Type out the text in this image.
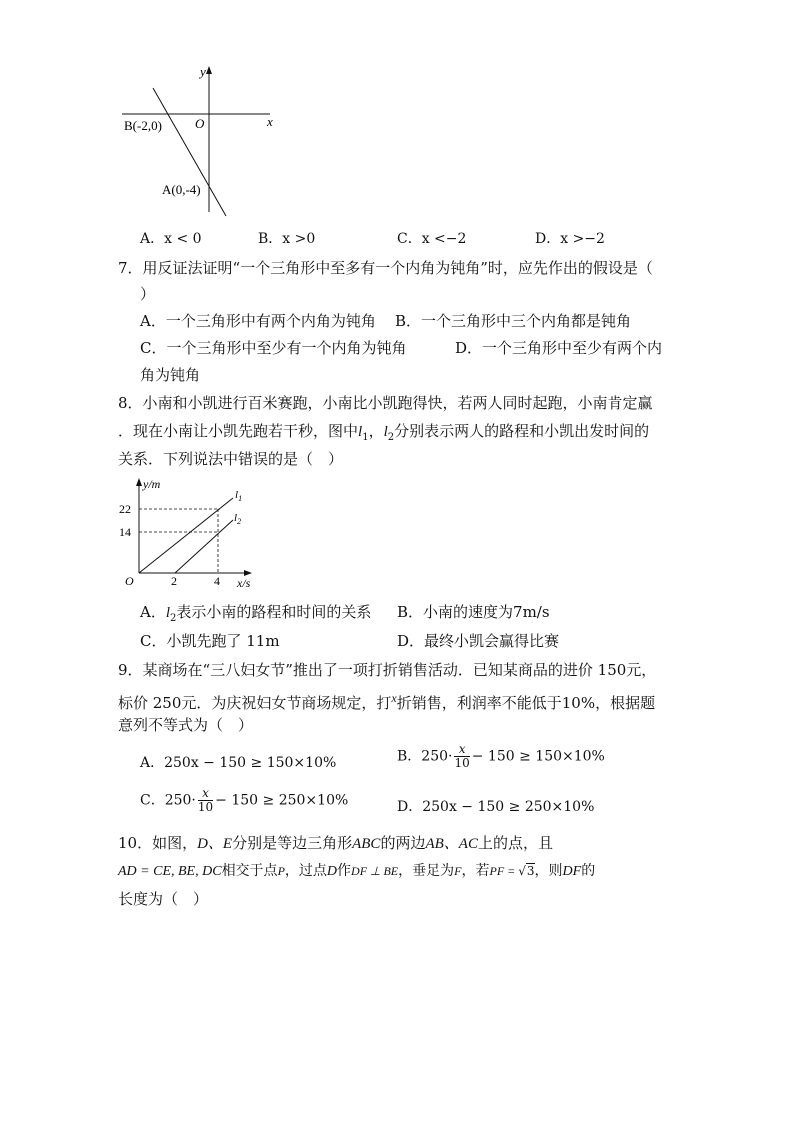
y
x
O
B(-2,0)
A(0,-4)
A．x < 0	B．x >0	C．x <−2	D．x >−2
7．用反证法证明“一个三角形中至多有一个内角为钝角”时，应先作出的假设是（
）
A．一个三角形中有两个内角为钝角 B．一个三角形中三个内角都是钝角
C．一个三角形中至少有一个内角为钝角	D．一个三角形中至少有两个内
角为钝角
8．小南和小凯进行百米赛跑，小南比小凯跑得快，若两人同时起跑，小南肯定赢
．现在小南让小凯先跑若干秒，图中$l_1$，$l_2$分别表示两人的路程和小凯出发时间的
关系．下列说法中错误的是（　）
y/m
x/s
O
22
14
2	4
$l_1$
$l_2$
A．$l_2$表示小南的路程和时间的关系 B．小南的速度为7m/s
C．小凯先跑了 11m	D．最终小凯会赢得比赛
9．某商场在“三八妇女节”推出了一项打折销售活动．已知某商品的进价 150元，
标价 250元．为庆祝妇女节商场规定，打$^x$折销售，利润率不能低于10%，根据题
意列不等式为（　）
A．250x − 150 ≥ 150×10%	B．$250\cdot \frac{x}{10} - 150 \ge 150\times 10\%$
C．$250\cdot \frac{x}{10} - 150 \ge 250\times 10\%$	D．250x − 150 ≥ 250×10%
10．如图，D、E分别是等边三角形ABC的两边AB、AC上的点，且
AD = CE, BE, DC相交于点P，过点D作DF ⊥ BE，垂足为F，若PF = √3，则DF的
长度为（　）
